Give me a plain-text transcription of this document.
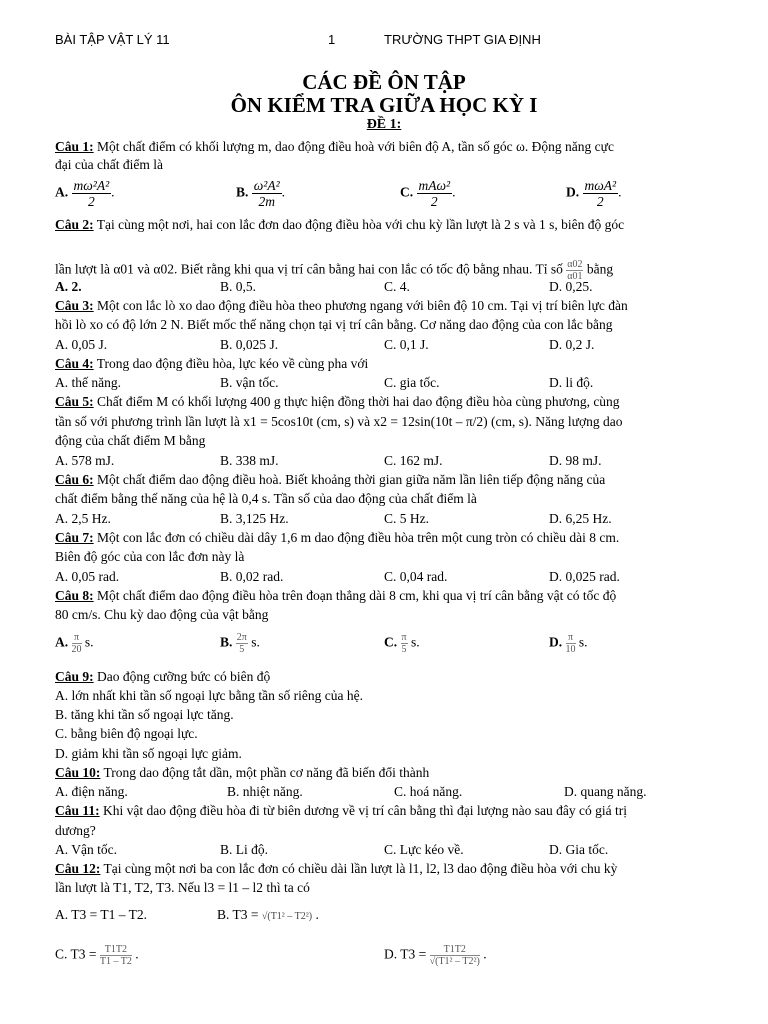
BÀI TẬP VẬT LÝ 11	1	TRƯỜNG THPT GIA ĐỊNH
CÁC ĐỀ ÔN TẬP
ÔN KIỂM TRA GIỮA HỌC KỲ I
ĐỀ 1:
Câu 1: Một chất điểm có khối lượng m, dao động điều hoà với biên độ A, tần số góc ω. Động năng cực
đại của chất điểm là
A. $\frac{\text{mω²A²}}{2}$ .	B. $\frac{\text{ω²A²}}{2m}$ .	C. $\frac{\text{mAω²}}{2}$ .	D. $\frac{\text{mωA²}}{2}$ .
Câu 2: Tại cùng một nơi, hai con lắc đơn dao động điều hòa với chu kỳ lần lượt là 2 s và 1 s, biên độ góc
lần lượt là α01 và α02. Biết rằng khi qua vị trí cân bằng hai con lắc có tốc độ bằng nhau. Tỉ số $\frac{\alpha 02}{\alpha 01}$ bằng
A. 2.	B. 0,5.	C. 4.	D. 0,25.
Câu 3: Một con lắc lò xo dao động điều hòa theo phương ngang với biên độ 10 cm. Tại vị trí biên lực đàn
hồi lò xo có độ lớn 2 N. Biết mốc thế năng chọn tại vị trí cân bằng. Cơ năng dao động của con lắc bằng
A. 0,05 J.	B. 0,025 J.	C. 0,1 J.	D. 0,2 J.
Câu 4: Trong dao động điều hòa, lực kéo về cùng pha với
A. thế năng.	B. vận tốc.	C. gia tốc.	D. li độ.
Câu 5: Chất điểm M có khối lượng 400 g thực hiện đồng thời hai dao động điều hòa cùng phương, cùng
tần số với phương trình lần lượt là x1 = 5cos10t (cm, s) và x2 = 12sin(10t – π/2) (cm, s). Năng lượng dao
động của chất điểm M bằng
A. 578 mJ.	B. 338 mJ.	C. 162 mJ.	D. 98 mJ.
Câu 6: Một chất điểm dao động điều hoà. Biết khoảng thời gian giữa năm lần liên tiếp động năng của
chất điểm bằng thế năng của hệ là 0,4 s. Tần số của dao động của chất điểm là
A. 2,5 Hz.	B. 3,125 Hz.	C. 5 Hz.	D. 6,25 Hz.
Câu 7: Một con lắc đơn có chiều dài dây 1,6 m dao động điều hòa trên một cung tròn có chiều dài 8 cm.
Biên độ góc của con lắc đơn này là
A. 0,05 rad.	B. 0,02 rad.	C. 0,04 rad.	D. 0,025 rad.
Câu 8: Một chất điểm dao động điều hòa trên đoạn thẳng dài 8 cm, khi qua vị trí cân bằng vật có tốc độ
80 cm/s. Chu kỳ dao động của vật bằng
A. $\frac{\pi}{20} s$.	B. $\frac{2\pi}{5} s$.	C. $\frac{\pi}{5} s$.	D. $\frac{\pi}{10} s$.
Câu 9: Dao động cưỡng bức có biên độ
A. lớn nhất khi tần số ngoại lực bằng tần số riêng của hệ.
B. tăng khi tần số ngoại lực tăng.
C. bằng biên độ ngoại lực.
D. giảm khi tần số ngoại lực giảm.
Câu 10: Trong dao động tắt dần, một phần cơ năng đã biến đổi thành
A. điện năng.	B. nhiệt năng.	C. hoá năng.	D. quang năng.
Câu 11: Khi vật dao động điều hòa đi từ biên dương về vị trí cân bằng thì đại lượng nào sau đây có giá trị
dương?
A. Vận tốc.	B. Li độ.	C. Lực kéo về.	D. Gia tốc.
Câu 12: Tại cùng một nơi ba con lắc đơn có chiều dài lần lượt là l1, l2, l3 dao động điều hòa với chu kỳ
lần lượt là T1, T2, T3. Nếu l3 = l1 – l2 thì ta có
A. T3 = T1 – T2.	B. T3 = √(T1² – T2²) .
C. $T3 = \frac{T1T2}{T1 - T2}$ .	D. $T3 = \frac{T1T2}{\text{√(T1² – T2²)}}$ .
